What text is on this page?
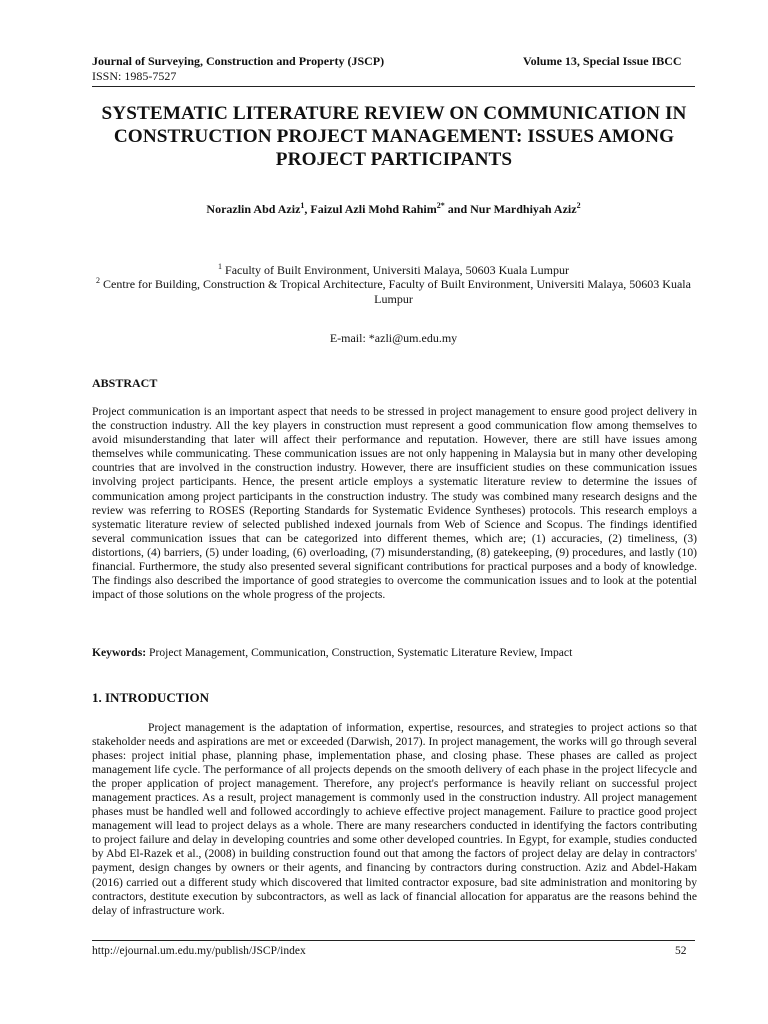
Journal of Surveying, Construction and Property (JSCP)	Volume 13, Special Issue IBCC
ISSN: 1985-7527
SYSTEMATIC LITERATURE REVIEW ON COMMUNICATION IN CONSTRUCTION PROJECT MANAGEMENT: ISSUES AMONG PROJECT PARTICIPANTS
Norazlin Abd Aziz$^1$, Faizul Azli Mohd Rahim$^{2*}$ and Nur Mardhiyah Aziz$^2$
$^1$ Faculty of Built Environment, Universiti Malaya, 50603 Kuala Lumpur
$^2$ Centre for Building, Construction & Tropical Architecture, Faculty of Built Environment, Universiti Malaya, 50603 Kuala Lumpur
E-mail: *azli@um.edu.my
ABSTRACT
Project communication is an important aspect that needs to be stressed in project management to ensure good project delivery in the construction industry. All the key players in construction must represent a good communication flow among themselves to avoid misunderstanding that later will affect their performance and reputation. However, there are still have issues among themselves while communicating. These communication issues are not only happening in Malaysia but in many other developing countries that are involved in the construction industry. However, there are insufficient studies on these communication issues involving project participants. Hence, the present article employs a systematic literature review to determine the issues of communication among project participants in the construction industry. The study was combined many research designs and the review was referring to ROSES (Reporting Standards for Systematic Evidence Syntheses) protocols. This research employs a systematic literature review of selected published indexed journals from Web of Science and Scopus. The findings identified several communication issues that can be categorized into different themes, which are; (1) accuracies, (2) timeliness, (3) distortions, (4) barriers, (5) under loading, (6) overloading, (7) misunderstanding, (8) gatekeeping, (9) procedures, and lastly (10) financial. Furthermore, the study also presented several significant contributions for practical purposes and a body of knowledge. The findings also described the importance of good strategies to overcome the communication issues and to look at the potential impact of those solutions on the whole progress of the projects.
Keywords: Project Management, Communication, Construction, Systematic Literature Review, Impact
1. INTRODUCTION
Project management is the adaptation of information, expertise, resources, and strategies to project actions so that stakeholder needs and aspirations are met or exceeded (Darwish, 2017). In project management, the works will go through several phases: project initial phase, planning phase, implementation phase, and closing phase. These phases are called as project management life cycle. The performance of all projects depends on the smooth delivery of each phase in the project lifecycle and the proper application of project management. Therefore, any project's performance is heavily reliant on successful project management practices. As a result, project management is commonly used in the construction industry. All project management phases must be handled well and followed accordingly to achieve effective project management. Failure to practice good project management will lead to project delays as a whole. There are many researchers conducted in identifying the factors contributing to project failure and delay in developing countries and some other developed countries. In Egypt, for example, studies conducted by Abd El-Razek et al., (2008) in building construction found out that among the factors of project delay are delay in contractors' payment, design changes by owners or their agents, and financing by contractors during construction. Aziz and Abdel-Hakam (2016) carried out a different study which discovered that limited contractor exposure, bad site administration and monitoring by contractors, destitute execution by subcontractors, as well as lack of financial allocation for apparatus are the reasons behind the delay of infrastructure work.
http://ejournal.um.edu.my/publish/JSCP/index	52
